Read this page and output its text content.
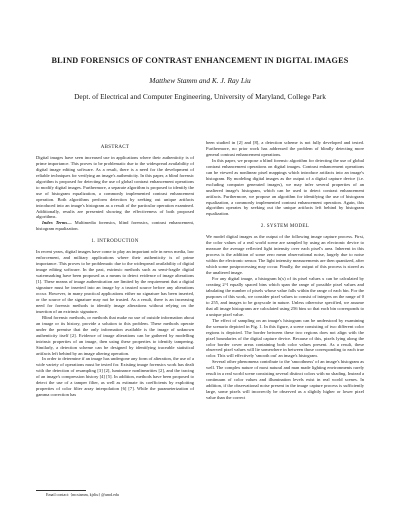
BLIND FORENSICS OF CONTRAST ENHANCEMENT IN DIGITAL IMAGES
Matthew Stamm and K. J. Ray Liu
Dept. of Electrical and Computer Engineering, University of Maryland, College Park
ABSTRACT

Digital images have seen increased use in applications where their authenticity is of prime importance. This proves to be problematic due to the widespread availability of digital image editing software. As a result, there is a need for the development of reliable techniques for verifying an image's authenticity. In this paper, a blind forensic algorithm is proposed for detecting the use of global contrast enhancement operations to modify digital images. Furthermore, a separate algorithm is proposed to identify the use of histogram equalization, a commonly implemented contrast enhancement operation. Both algorithms perform detection by seeking out unique artifacts introduced into an image's histogram as a result of the particular operation examined. Additionally, results are presented showing the effectiveness of both proposed algorithms.

Index Terms— Multimedia forensics, blind forensics, contrast enhancement, histogram equalization.

1. INTRODUCTION

In recent years, digital images have come to play an important role in news media, law enforcement, and military applications where their authenticity is of prime importance. This proves to be problematic due to the widespread availability of digital image editing software. In the past, extrinsic methods such as semi-fragile digital watermarking have been proposed as a means to detect evidence of image alterations [1]. These means of image authentication are limited by the requirement that a digital signature must be inserted into an image by a trusted source before any alterations occur. However, in many practical applications either no signature has been inserted, or the source of the signature may not be trusted. As a result, there is an increasing need for forensic methods to identify image alterations without relying on the insertion of an extrinsic signature.

Blind forensic methods, or methods that make no use of outside information about an image or its history, provide a solution to this problem. These methods operate under the premise that the only information available is the image of unknown authenticity itself [2]. Evidence of image alterations can be gathered by modelling intrinsic properties of an image, then using these properties to identify tampering. Similarly, a detection scheme can be designed by identifying traceable statistical artifacts left behind by an image altering operation.

In order to determine if an image has undergone any form of alteration, the use of a wide variety of operations must be tested for. Existing image forensics work has dealt with the detection of resampling [3] [2], luminance nonlinearities [2], and the tracing of an image's compression history [4] [5]. In addition, methods have been proposed to detect the use of a tamper filter, as well as estimate its coefficients by exploiting properties of color filter array interpolation [6] [7]. While the parameterization of gamma correction has

been studied in [2] and [8], a detection scheme is not fully developed and tested. Furthermore, no prior work has addressed the problem of blindly detecting more general contrast enhancement operations.

In this paper, we propose a blind forensic algorithm for detecting the use of global contrast enhancement operations on digital images. Contrast enhancement operations can be viewed as nonlinear pixel mappings which introduce artifacts into an image's histogram. By modeling digital images as the output of a digital capture device (i.e. excluding computer generated images), we may infer several properties of an unaltered image's histogram, which can be used to detect contrast enhancement artifacts. Furthermore, we propose an algorithm for identifying the use of histogram equalization, a commonly implemented contrast enhancement operation. Again, this algorithm operates by seeking out the unique artifacts left behind by histogram equalization.

2. SYSTEM MODEL

We model digital images as the output of the following image capture process. First, the color values of a real world scene are sampled by using an electronic device to measure the average reflected light intensity over each pixel's area. Inherent in this process is the addition of some zero mean observational noise, largely due to noise within the electronic sensor. The light intensity measurements are then quantized, after which some postprocessing may occur. Finally, the output of this process is stored as the unaltered image.

For any digital image, a histogram h(x) of its pixel values x can be calculated by creating 2^l equally spaced bins which span the range of possible pixel values and tabulating the number of pixels whose value falls within the range of each bin. For the purposes of this work, we consider pixel values to consist of integers on the range of 0 to 255, and images to be grayscale in nature. Unless otherwise specified, we assume that all image histograms are calculated using 256 bins so that each bin corresponds to a unique pixel value.

The effect of sampling on an image's histogram can be understood by examining the scenario depicted in Fig. 1. In this figure, a scene consisting of two different color regions is depicted. The border between these two regions does not align with the pixel boundaries of the digital capture device. Because of this, pixels lying along the color border cover areas containing both color values present. As a result, these observed pixel values will lie somewhere in between those corresponding to each true color. This will effectively 'smooth out' an image's histogram.

Several other phenomena contribute to the 'smoothness' of an image's histogram as well. The complex nature of most natural and man made lighting environments rarely result in a real world scene consisting several distinct colors with no shading. Instead a continuum of color values and illumination levels exist in real world scenes. In addition, if the observational noise present in the image capture process is sufficiently large, some pixels will incorrectly be observed as a slightly higher or lower pixel value than the correct

Email contact: {mcstamm, kjrliu} @umd.edu
